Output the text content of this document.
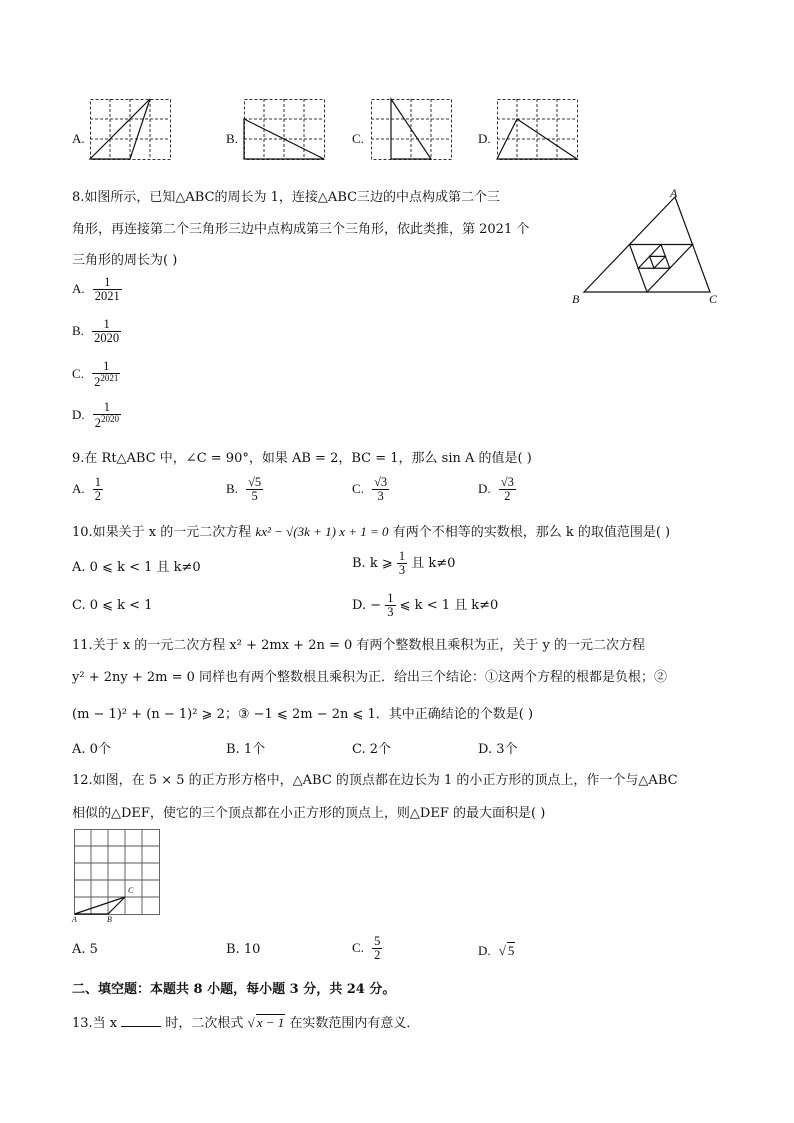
A.	B.	C.	D.
8.如图所示，已知△ABC的周长为 1，连接△ABC三边的中点构成第二个三
角形，再连接第二个三角形三边中点构成第三个三角形，依此类推，第 2021 个
三角形的周长为( )
A
B	C
A. $\frac{1}{2021}$
B. $\frac{1}{2020}$
C. $\frac{1}{2^{2021}}$
D. $\frac{1}{2^{2020}}$
9.在 Rt△ABC 中，∠C = 90°，如果 AB = 2，BC = 1，那么 sin A 的值是( )
A. $\frac{1}{2}$	B. $\frac{√5}{5}$	C. $\frac{√3}{3}$	D. $\frac{√3}{2}$
10.如果关于 x 的一元二次方程 kx² − √(3k + 1) x + 1 = 0 有两个不相等的实数根，那么 k 的取值范围是( )
A. 0 ⩽ k < 1 且 k≠0	B. k ⩾ $\frac{1}{3}$ 且 k≠0
C. 0 ⩽ k < 1	D. − $\frac{1}{3}$ ⩽ k < 1 且 k≠0
11.关于 x 的一元二次方程 x² + 2mx + 2n = 0 有两个整数根且乘积为正，关于 y 的一元二次方程
y² + 2ny + 2m = 0 同样也有两个整数根且乘积为正．给出三个结论：①这两个方程的根都是负根；②
(m − 1)² + (n − 1)² ⩾ 2；③ −1 ⩽ 2m − 2n ⩽ 1．其中正确结论的个数是( )
A. 0个	B. 1个	C. 2个	D. 3个
12.如图，在 5 × 5 的正方形方格中，△ABC 的顶点都在边长为 1 的小正方形的顶点上，作一个与△ABC
相似的△DEF，使它的三个顶点都在小正方形的顶点上，则△DEF 的最大面积是( )
A	B
C
A. 5	B. 10	C. $\frac{5}{2}$	D. √ 5
二、填空题：本题共 8 小题，每小题 3 分，共 24 分。
13.当 x	时，二次根式 √ x − 1 在实数范围内有意义．
